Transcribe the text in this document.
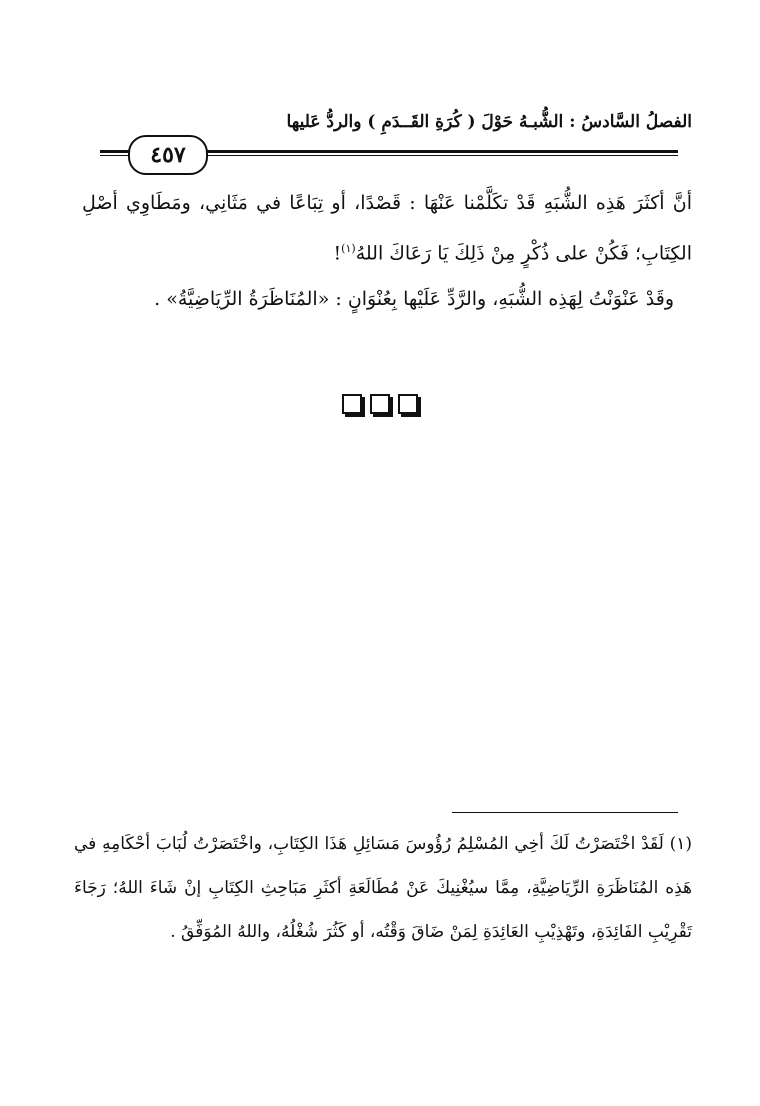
الفصلُ السَّادسُ : الشُّبـهُ حَوْلَ ( كُرَةِ القَــدَمِ ) والردُّ عَليها
٤٥٧

أنَّ أكثَرَ هَذِه الشُّبَهِ قَدْ تكَلَّمْنا عَنْهَا : قَصْدًا، أو تِبَاعًا في مَثَانِي، ومَطَاوِي أصْلِ الكِتَابِ؛ فَكُنْ على ذُكْرٍ مِنْ ذَلِكَ يَا رَعَاكَ اللهُ$^{(١)}$!

وقَدْ عَنْوَنْتُ لِهَذِه الشُّبَهِ، والرَّدِّ عَلَيْها بِعُنْوَانٍ : «المُنَاظَرَةُ الرِّيَاضِيَّةُ» .

(١) لَقَدْ اخْتَصَرْتُ لَكَ أخِي المُسْلِمُ رُؤُوسَ مَسَائِلِ هَذَا الكِتَابِ، واخْتَصَرْتُ لُبَابَ أحْكَامِهِ في هَذِه المُنَاظَرَةِ الرِّيَاضِيَّةِ، مِمَّا سيُغْنِيكَ عَنْ مُطَالَعَةِ أكثَرِ مَبَاحِثِ الكِتَابِ إنْ شَاءَ اللهُ؛ رَجَاءَ تَقْرِيْبِ الفَائِدَةِ، وتَهْذِيْبِ العَائِدَةِ لِمَنْ ضَاقَ وَقْتُه، أو كَثُرَ شُغْلُهُ، واللهُ المُوَفِّقُ .
